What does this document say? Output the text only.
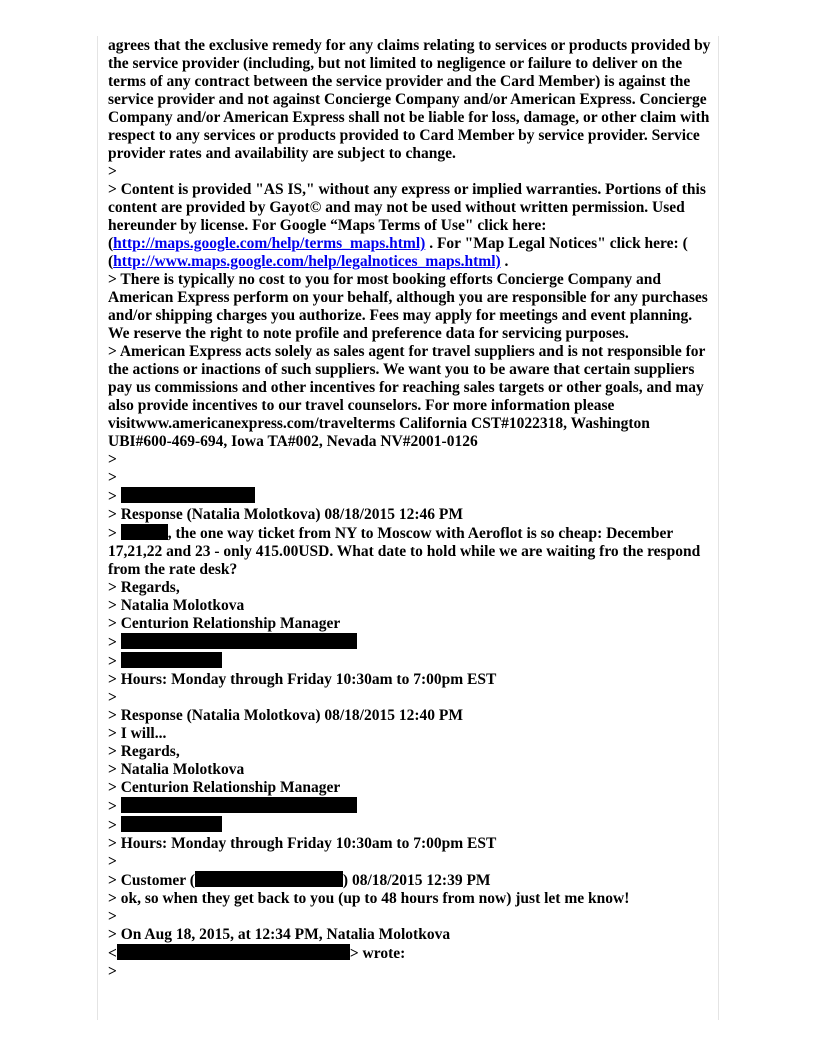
agrees that the exclusive remedy for any claims relating to services or products provided by the service provider (including, but not limited to negligence or failure to deliver on the terms of any contract between the service provider and the Card Member) is against the service provider and not against Concierge Company and/or American Express. Concierge Company and/or American Express shall not be liable for loss, damage, or other claim with respect to any services or products provided to Card Member by service provider. Service provider rates and availability are subject to change.
>
> Content is provided "AS IS," without any express or implied warranties. Portions of this content are provided by Gayot© and may not be used without written permission. Used hereunder by license. For Google “Maps Terms of Use" click here: (http://maps.google.com/help/terms_maps.html) . For "Map Legal Notices" click here: (
(http://www.maps.google.com/help/legalnotices_maps.html) .
> There is typically no cost to you for most booking efforts Concierge Company and American Express perform on your behalf, although you are responsible for any purchases and/or shipping charges you authorize. Fees may apply for meetings and event planning. We reserve the right to note profile and preference data for servicing purposes.
> American Express acts solely as sales agent for travel suppliers and is not responsible for the actions or inactions of such suppliers. We want you to be aware that certain suppliers pay us commissions and other incentives for reaching sales targets or other goals, and may also provide incentives to our travel counselors. For more information please visitwww.americanexpress.com/travelterms California CST#1022318, Washington UBI#600-469-694, Iowa TA#002, Nevada NV#2001-0126
>
>
>
> Response (Natalia Molotkova) 08/18/2015 12:46 PM
>	, the one way ticket from NY to Moscow with Aeroflot is so cheap: December 17,21,22 and 23 - only 415.00USD. What date to hold while we are waiting fro the respond from the rate desk?
> Regards,
> Natalia Molotkova
> Centurion Relationship Manager
>
>
> Hours: Monday through Friday 10:30am to 7:00pm EST
>
> Response (Natalia Molotkova) 08/18/2015 12:40 PM
> I will...
> Regards,
> Natalia Molotkova
> Centurion Relationship Manager
>
>
> Hours: Monday through Friday 10:30am to 7:00pm EST
>
> Customer (	) 08/18/2015 12:39 PM
> ok, so when they get back to you (up to 48 hours from now) just let me know!
>
> On Aug 18, 2015, at 12:34 PM, Natalia Molotkova
<	> wrote:
>
